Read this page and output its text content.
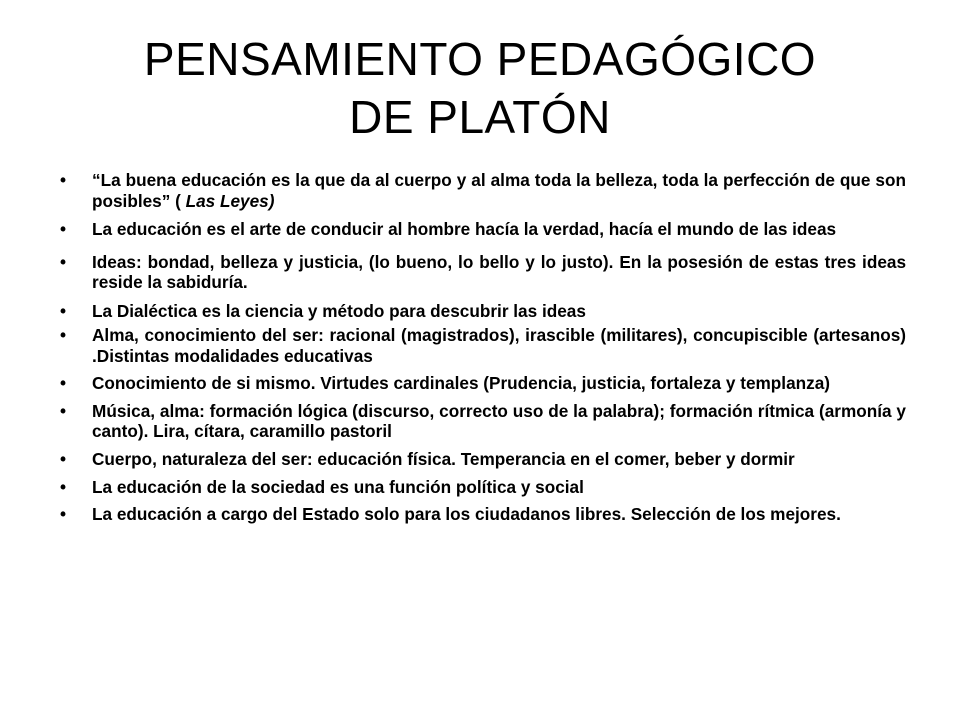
PENSAMIENTO PEDAGÓGICO
DE PLATÓN
• “La buena educación es la que da al cuerpo y al alma toda la belleza, toda la perfección de que son posibles” ( Las Leyes)
• La educación es el arte de conducir al hombre hacía la verdad, hacía el mundo de las ideas
• Ideas: bondad, belleza y justicia, (lo bueno, lo bello y lo justo). En la posesión de estas tres ideas reside la sabiduría.
• La Dialéctica es la ciencia y método para descubrir las ideas
• Alma, conocimiento del ser: racional (magistrados), irascible (militares), concupiscible (artesanos) .Distintas modalidades educativas
• Conocimiento de si mismo. Virtudes cardinales (Prudencia, justicia, fortaleza y templanza)
• Música, alma: formación lógica (discurso, correcto uso de la palabra); formación rítmica (armonía y canto). Lira, cítara, caramillo pastoril
• Cuerpo, naturaleza del ser: educación física. Temperancia en el comer, beber y dormir
• La educación de la sociedad es una función política y social
• La educación a cargo del Estado solo para los ciudadanos libres. Selección de los mejores.
